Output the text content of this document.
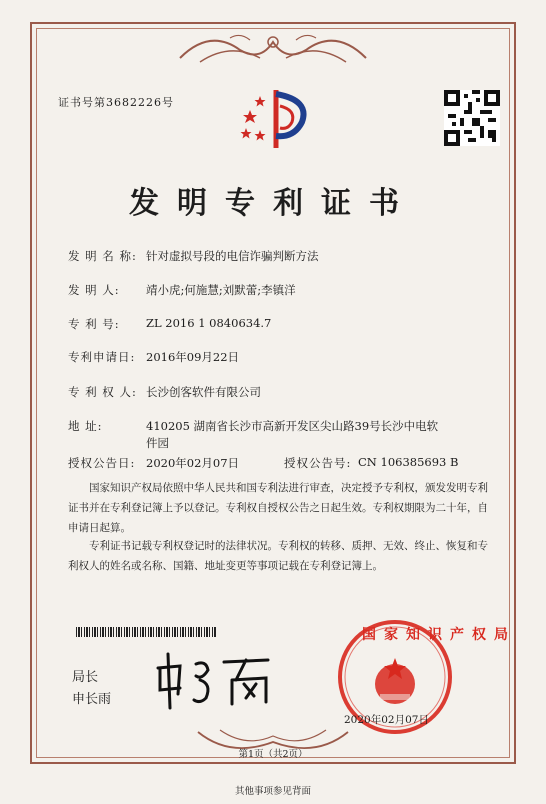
证书号第3682226号
发明专利证书
发 明 名 称: 针对虚拟号段的电信诈骗判断方法
发 明 人: 靖小虎;何施慧;刘默蕾;李镇洋
专 利 号: ZL 2016 1 0840634.7
专利申请日: 2016年09月22日
专 利 权 人: 长沙创客软件有限公司
地 址:	410205 湖南省长沙市高新开发区尖山路39号长沙中电软
件园
授权公告日: 2020年02月07日	授权公告号: CN 106385693 B
国家知识产权局依照中华人民共和国专利法进行审查，决定授予专利权，颁发发明专利证书并在专利登记簿上予以登记。专利权自授权公告之日起生效。专利权期限为二十年，自申请日起算。
专利证书记载专利权登记时的法律状况。专利权的转移、质押、无效、终止、恢复和专利权人的姓名或名称、国籍、地址变更等事项记载在专利登记簿上。
局长
申长雨
国家知识产权局
2020年02月07日
第1页（共2页）
其他事项参见背面
